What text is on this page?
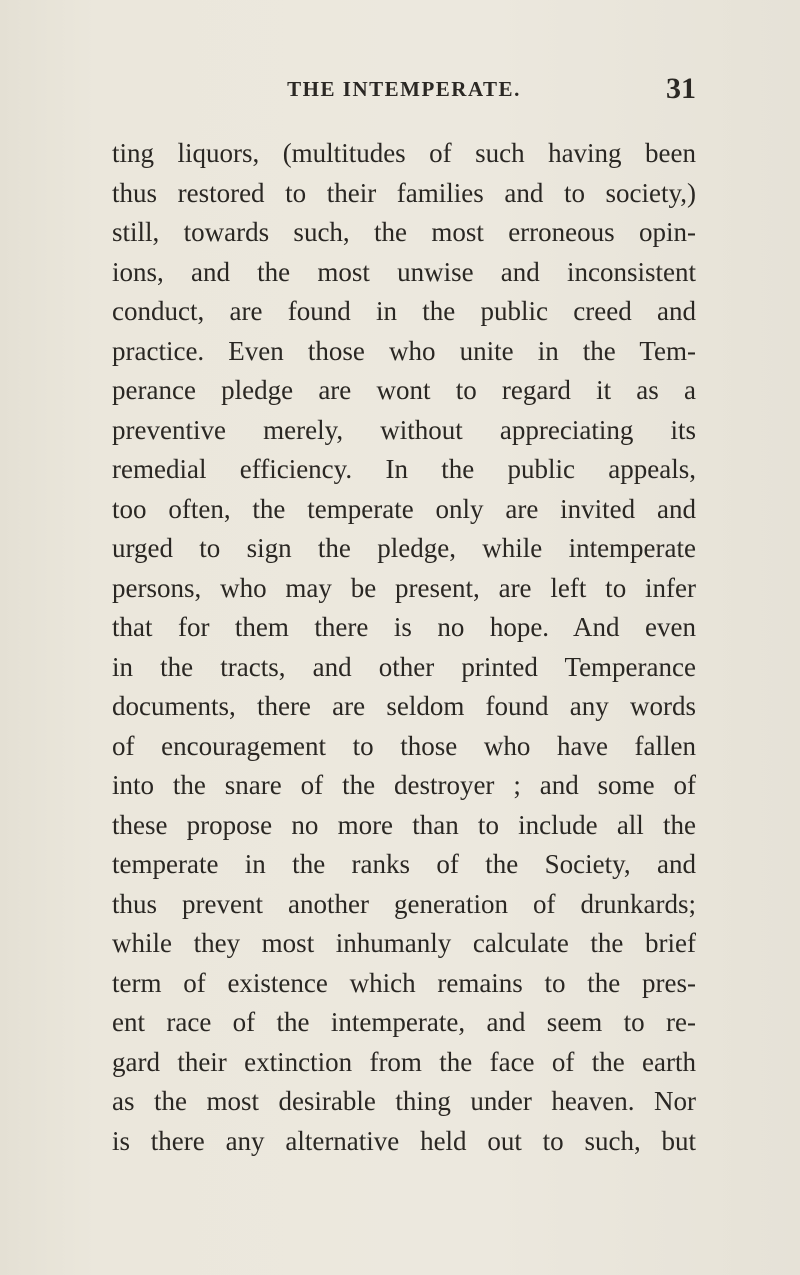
THE INTEMPERATE.	31
ting liquors, (multitudes of such having been
thus restored to their families and to society,)
still, towards such, the most erroneous opin-
ions, and the most unwise and inconsistent
conduct, are found in the public creed and
practice. Even those who unite in the Tem-
perance pledge are wont to regard it as a
preventive merely, without appreciating its
remedial efficiency. In the public appeals,
too often, the temperate only are invited and
urged to sign the pledge, while intemperate
persons, who may be present, are left to infer
that for them there is no hope. And even
in the tracts, and other printed Temperance
documents, there are seldom found any words
of encouragement to those who have fallen
into the snare of the destroyer ; and some of
these propose no more than to include all the
temperate in the ranks of the Society, and
thus prevent another generation of drunkards;
while they most inhumanly calculate the brief
term of existence which remains to the pres-
ent race of the intemperate, and seem to re-
gard their extinction from the face of the earth
as the most desirable thing under heaven. Nor
is there any alternative held out to such, but
